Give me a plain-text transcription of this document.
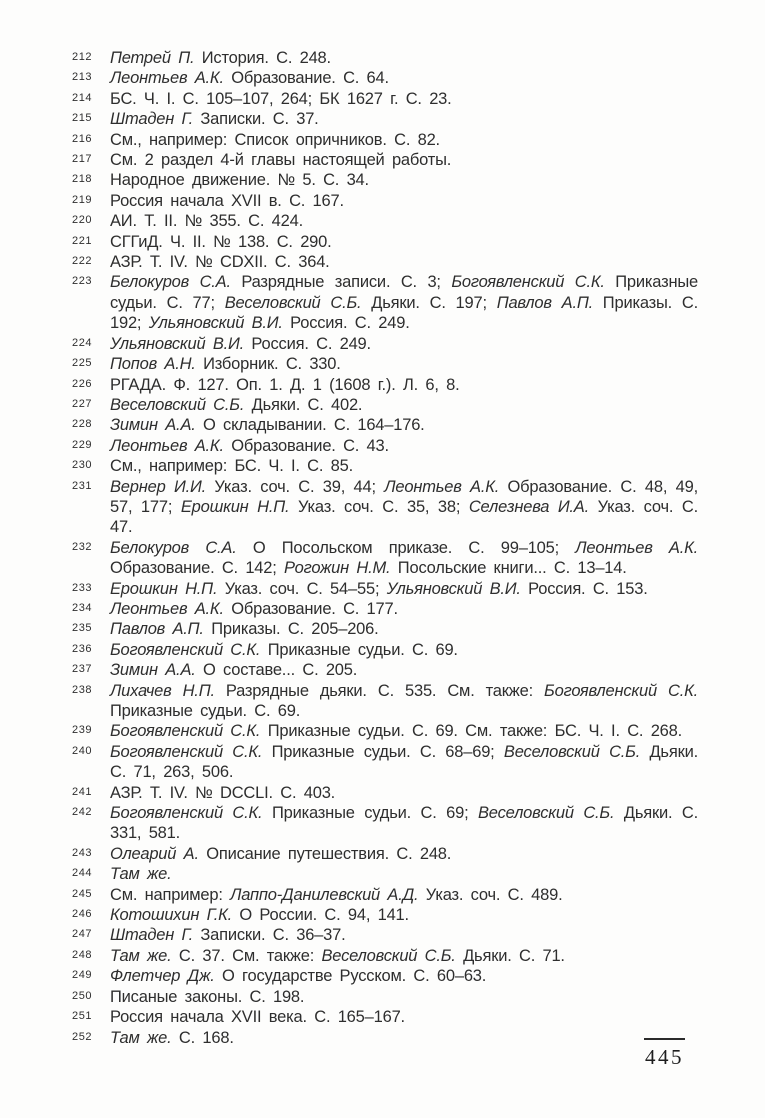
212 Петрей П. История. С. 248.

213 Леонтьев А.К. Образование. С. 64.

214 БС. Ч. I. С. 105–107, 264; БК 1627 г. С. 23.

215 Штаден Г. Записки. С. 37.

216 См., например: Список опричников. С. 82.

217 См. 2 раздел 4-й главы настоящей работы.

218 Народное движение. № 5. С. 34.

219 Россия начала XVII в. С. 167.

220 АИ. Т. II. № 355. С. 424.

221 СГГиД. Ч. II. № 138. С. 290.

222 АЗР. Т. IV. № CDXII. С. 364.

223 Белокуров С.А. Разрядные записи. С. 3; Богоявленский С.К. Приказные судьи. С. 77; Веселовский С.Б. Дьяки. С. 197; Павлов А.П. Приказы. С. 192; Ульяновский В.И. Россия. С. 249.

224 Ульяновский В.И. Россия. С. 249.

225 Попов А.Н. Изборник. С. 330.

226 РГАДА. Ф. 127. Оп. 1. Д. 1 (1608 г.). Л. 6, 8.

227 Веселовский С.Б. Дьяки. С. 402.

228 Зимин А.А. О складывании. С. 164–176.

229 Леонтьев А.К. Образование. С. 43.

230 См., например: БС. Ч. I. С. 85.

231 Вернер И.И. Указ. соч. С. 39, 44; Леонтьев А.К. Образование. С. 48, 49, 57, 177; Ерошкин Н.П. Указ. соч. С. 35, 38; Селезнева И.А. Указ. соч. С. 47.

232 Белокуров С.А. О Посольском приказе. С. 99–105; Леонтьев А.К. Образование. С. 142; Рогожин Н.М. Посольские книги... С. 13–14.

233 Ерошкин Н.П. Указ. соч. С. 54–55; Ульяновский В.И. Россия. С. 153.

234 Леонтьев А.К. Образование. С. 177.

235 Павлов А.П. Приказы. С. 205–206.

236 Богоявленский С.К. Приказные судьи. С. 69.

237 Зимин А.А. О составе... С. 205.

238 Лихачев Н.П. Разрядные дьяки. С. 535. См. также: Богоявленский С.К. Приказные судьи. С. 69.

239 Богоявленский С.К. Приказные судьи. С. 69. См. также: БС. Ч. I. С. 268.

240 Богоявленский С.К. Приказные судьи. С. 68–69; Веселовский С.Б. Дьяки. С. 71, 263, 506.

241 АЗР. Т. IV. № DCCLI. С. 403.

242 Богоявленский С.К. Приказные судьи. С. 69; Веселовский С.Б. Дьяки. С. 331, 581.

243 Олеарий А. Описание путешествия. С. 248.

244 Там же.

245 См. например: Лаппо-Данилевский А.Д. Указ. соч. С. 489.

246 Котошихин Г.К. О России. С. 94, 141.

247 Штаден Г. Записки. С. 36–37.

248 Там же. С. 37. См. также: Веселовский С.Б. Дьяки. С. 71.

249 Флетчер Дж. О государстве Русском. С. 60–63.

250 Писаные законы. С. 198.

251 Россия начала XVII века. С. 165–167.

252 Там же. С. 168.

445
